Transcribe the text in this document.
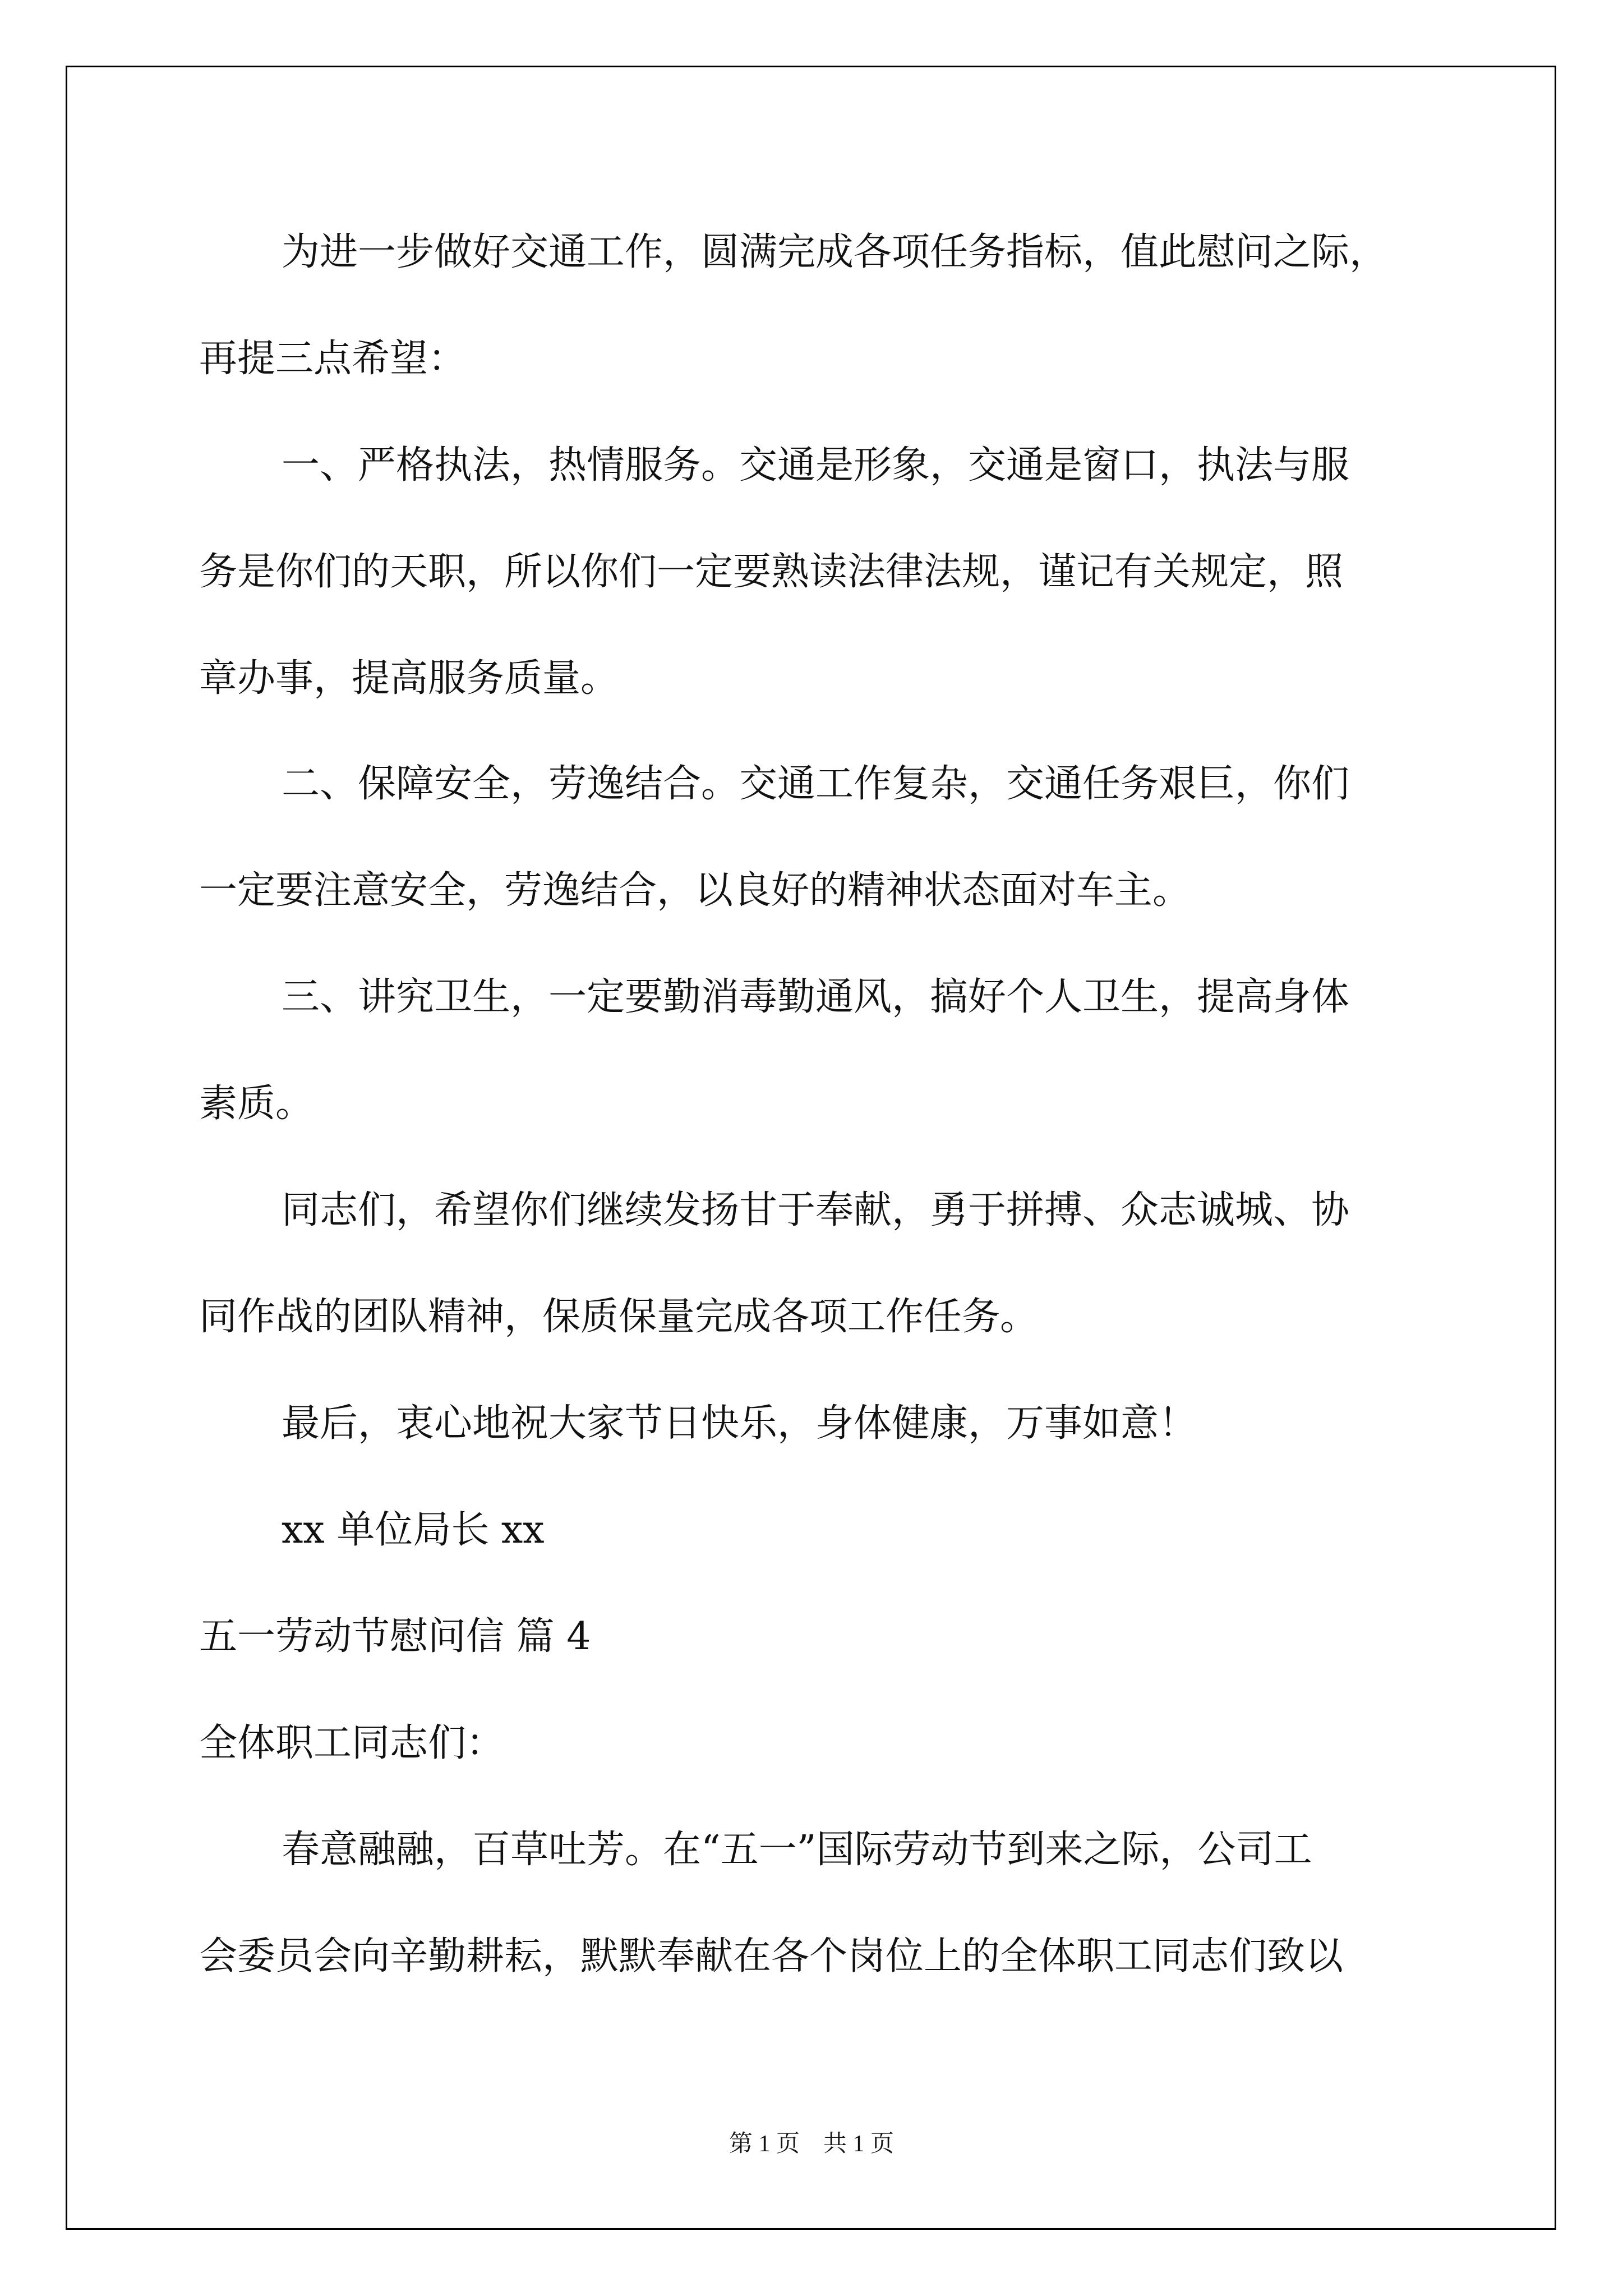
为进一步做好交通工作，圆满完成各项任务指标，值此慰问之际，

再提三点希望：

一、严格执法，热情服务。交通是形象，交通是窗口，执法与服

务是你们的天职，所以你们一定要熟读法律法规，谨记有关规定，照

章办事，提高服务质量。

二、保障安全，劳逸结合。交通工作复杂，交通任务艰巨，你们

一定要注意安全，劳逸结合，以良好的精神状态面对车主。

三、讲究卫生，一定要勤消毒勤通风，搞好个人卫生，提高身体

素质。

同志们，希望你们继续发扬甘于奉献，勇于拼搏、众志诚城、协

同作战的团队精神，保质保量完成各项工作任务。

最后，衷心地祝大家节日快乐，身体健康，万事如意！

xx 单位局长 xx

五一劳动节慰问信 篇 4

全体职工同志们：

春意融融，百草吐芳。在“五一”国际劳动节到来之际，公司工

会委员会向辛勤耕耘，默默奉献在各个岗位上的全体职工同志们致以

第 1 页　共 1 页
